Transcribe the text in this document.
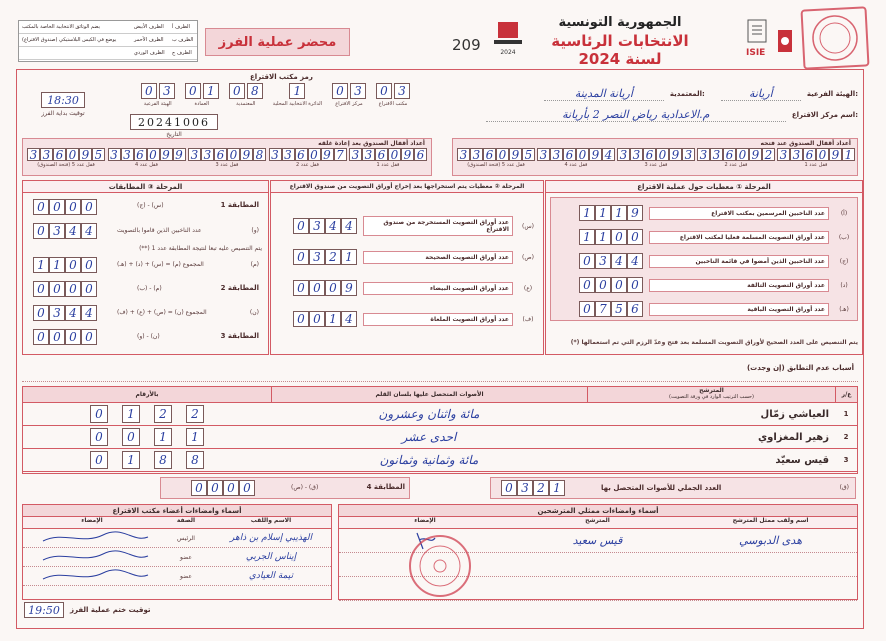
الظرف أ
الظرف الأبيض
يضم الوثائق الانتخابية الخاصة بالمكتب
الظرف ب
الظرف الأحمر
يوضع في الكيس البلاستيكي (صندوق الاقتراع)
الظرف ج
الظرف الوردي
محضر عملية الفرز	209	2024
الجمهورية التونسية
الانتخابات الرئاسية لسنة 2024	ISIE
رمز مكتب الاقتراع
0 3
مكتب الاقتراع
0 3
مركز الاقتراع
1
الدائرة الانتخابية المحلية
0 8
المعتمدية
0 1
العمادة
0 3
الهيئة الفرعية
18:30
توقيت بداية الفرز
20241006
التاريخ
الهيئة الفرعية:
أريانة
المعتمدية:
أريانة المدينة
اسم مركز الاقتراع:
م.الاعدادية رياض النصر 2 بأريانة
أعداد أقفال الصندوق بعد إعادة غلقه
3 3 6 0 9 6
قفل عدد 1
3 3 6 0 9 7
قفل عدد 2
3 3 6 0 9 8
قفل عدد 3
3 3 6 0 9 9
قفل عدد 4
3 3 6 0 9 5
قفل عدد 5 (فتحة الصندوق)
أعداد أقفال الصندوق عند فتحه
3 3 6 0 9 1
قفل عدد 1
3 3 6 0 9 2
قفل عدد 2
3 3 6 0 9 3
قفل عدد 3
3 3 6 0 9 4
قفل عدد 4
3 3 6 0 9 5
قفل عدد 5 (فتحة الصندوق)
المرحلة ① معطيات حول عملية الاقتراع
(أ)
عدد الناخبين المرسمين بمكتب الاقتراع
1 1 1 9
(ب)
عدد أوراق التصويت المسلمة فعليا لمكتب الاقتراع
1 1 0 0
(ج)
عدد الناخبين الذين أمضوا في قائمة الناخبين
0 3 4 4
(د)
عدد أوراق التصويت التالفة
0 0 0 0
(هـ)
عدد أوراق التصويت الباقية
0 7 5 6
(*) يتم التنصيص على العدد الصحيح لأوراق التصويت المسلمة بعد فتح وعدّ الرزم التي تم استعمالها
المرحلة ② معطيات يتم استخراجها بعد إخراج أوراق التصويت من صندوق الاقتراع
(س)
عدد أوراق التصويت المستخرجة من صندوق الاقتراع
0 3 4 4
(ص)
عدد أوراق التصويت الصحيحة
0 3 2 1
(ع)
عدد أوراق التصويت البيضاء
0 0 0 9
(ف)
عدد أوراق التصويت الملغاة
0 0 1 4
المرحلة ③ المطابقات
0 0 0 0	(ج) - (س)	المطابقة 1
0 3 4 4	عدد الناخبين الذين قاموا بالتصويت	(و)
(**) يتم التنصيص عليه تبعا لنتيجة المطابقة عدد 1
1 1 0 0	المجموع (م) = (س) + (د) + (هـ)	(م)
0 0 0 0	(ب) - (م)	المطابقة 2
0 3 4 4	المجموع (ن) = (ص) + (ع) + (ف)	(ن)
0 0 0 0	(و) - (ن)	المطابقة 3
أسباب عدم التطابق (إن وجدت)
ع/ر
المترشح
(حسب الترتيب الوارد في ورقة التصويت)
الأصوات المتحصل عليها بلسان القلم
بالأرقام
1
العياشي زمّال
مائة واثنان وعشرون
0	1	2	2
2
زهير المغزاوي
احدى عشر
0	0	1	1
3
قيس سعيّد
مائة وثمانية وثمانون
0	1	8	8
0 0 0 0	(ص) - (ق)	المطابقة 4	0 3 2 1	العدد الجملي للأصوات المتحصل بها	(ق)
أسماء وامضاءات أعضاء مكتب الاقتراع
الاسم واللقب
الصفة
الإمضاء
الهذيبي إسلام بن ذاهر
الرئيس
إيناس الجربي
عضو
تيمة العيادي
عضو
أسماء وامضاءات ممثلي المترشحين
اسم ولقب ممثل المترشح
المترشح
الإمضاء
هدى الدبوسي
قيس سعيد
19:50	توقيت ختم عملية الفرز
